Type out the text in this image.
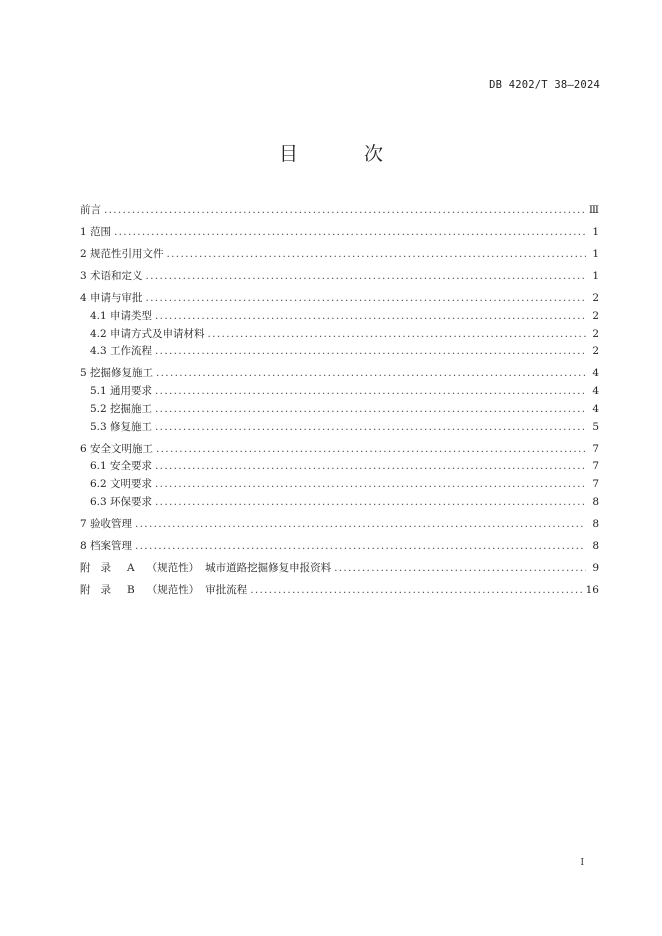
DB 4202/T 38—2024
目 次
前言 .....	Ⅲ
1 范围 .....	1
2 规范性引用文件 .....	1
3 术语和定义 .....	1
4 申请与审批 .....	2
4.1 申请类型 .....	2
4.2 申请方式及申请材料 .....	2
4.3 工作流程 .....	2
5 挖掘修复施工 .....	4
5.1 通用要求 .....	4
5.2 挖掘施工 .....	4
5.3 修复施工 .....	5
6 安全文明施工 .....	7
6.1 安全要求 .....	7
6.2 文明要求 .....	7
6.3 环保要求 .....	8
7 验收管理 .....	8
8 档案管理 .....	8
附录 A （规范性） 城市道路挖掘修复申报资料 .....	9
附录 B （规范性） 审批流程 .....	16
I
